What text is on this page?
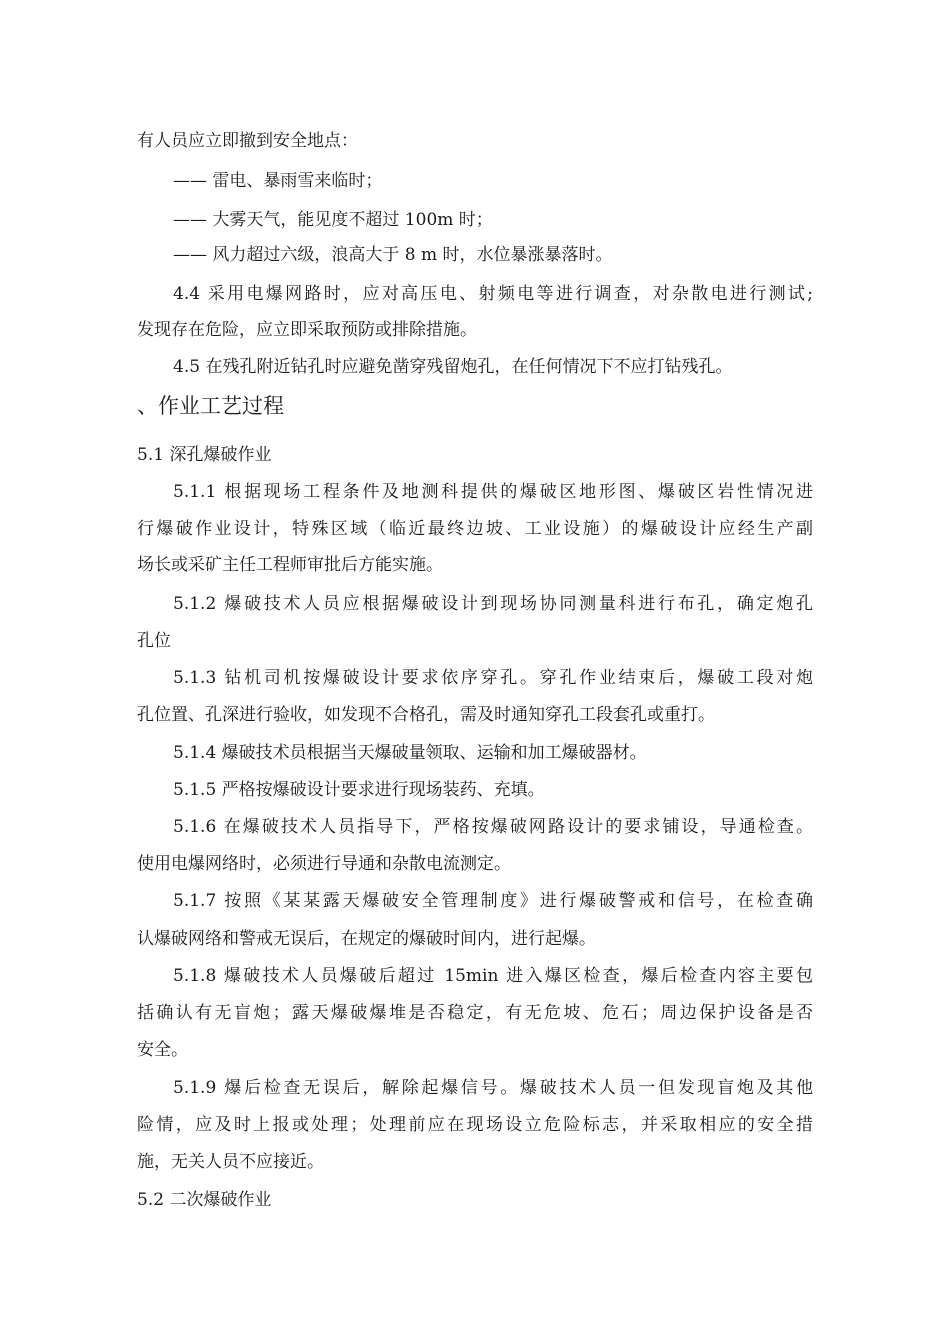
有人员应立即撤到安全地点：
—— 雷电、暴雨雪来临时；
—— 大雾天气，能见度不超过 100m 时；
—— 风力超过六级，浪高大于 8 m 时，水位暴涨暴落时。
4.4 采用电爆网路时，应对高压电、射频电等进行调查，对杂散电进行测试;
发现存在危险，应立即采取预防或排除措施。
4.5 在残孔附近钻孔时应避免凿穿残留炮孔，在任何情况下不应打钻残孔。
、作业工艺过程
5.1 深孔爆破作业
5.1.1 根据现场工程条件及地测科提供的爆破区地形图、爆破区岩性情况进
行爆破作业设计，特殊区域（临近最终边坡、工业设施）的爆破设计应经生产副
场长或采矿主任工程师审批后方能实施。
5.1.2 爆破技术人员应根据爆破设计到现场协同测量科进行布孔，确定炮孔
孔位
5.1.3 钻机司机按爆破设计要求依序穿孔。穿孔作业结束后，爆破工段对炮
孔位置、孔深进行验收，如发现不合格孔，需及时通知穿孔工段套孔或重打。
5.1.4 爆破技术员根据当天爆破量领取、运输和加工爆破器材。
5.1.5 严格按爆破设计要求进行现场装药、充填。
5.1.6 在爆破技术人员指导下，严格按爆破网路设计的要求铺设，导通检查。
使用电爆网络时，必须进行导通和杂散电流测定。
5.1.7 按照《某某露天爆破安全管理制度》进行爆破警戒和信号，在检查确
认爆破网络和警戒无误后，在规定的爆破时间内，进行起爆。
5.1.8 爆破技术人员爆破后超过 15min 进入爆区检查，爆后检查内容主要包
括确认有无盲炮；露天爆破爆堆是否稳定，有无危坡、危石；周边保护设备是否
安全。
5.1.9 爆后检查无误后，解除起爆信号。爆破技术人员一但发现盲炮及其他
险情，应及时上报或处理；处理前应在现场设立危险标志，并采取相应的安全措
施，无关人员不应接近。
5.2 二次爆破作业
